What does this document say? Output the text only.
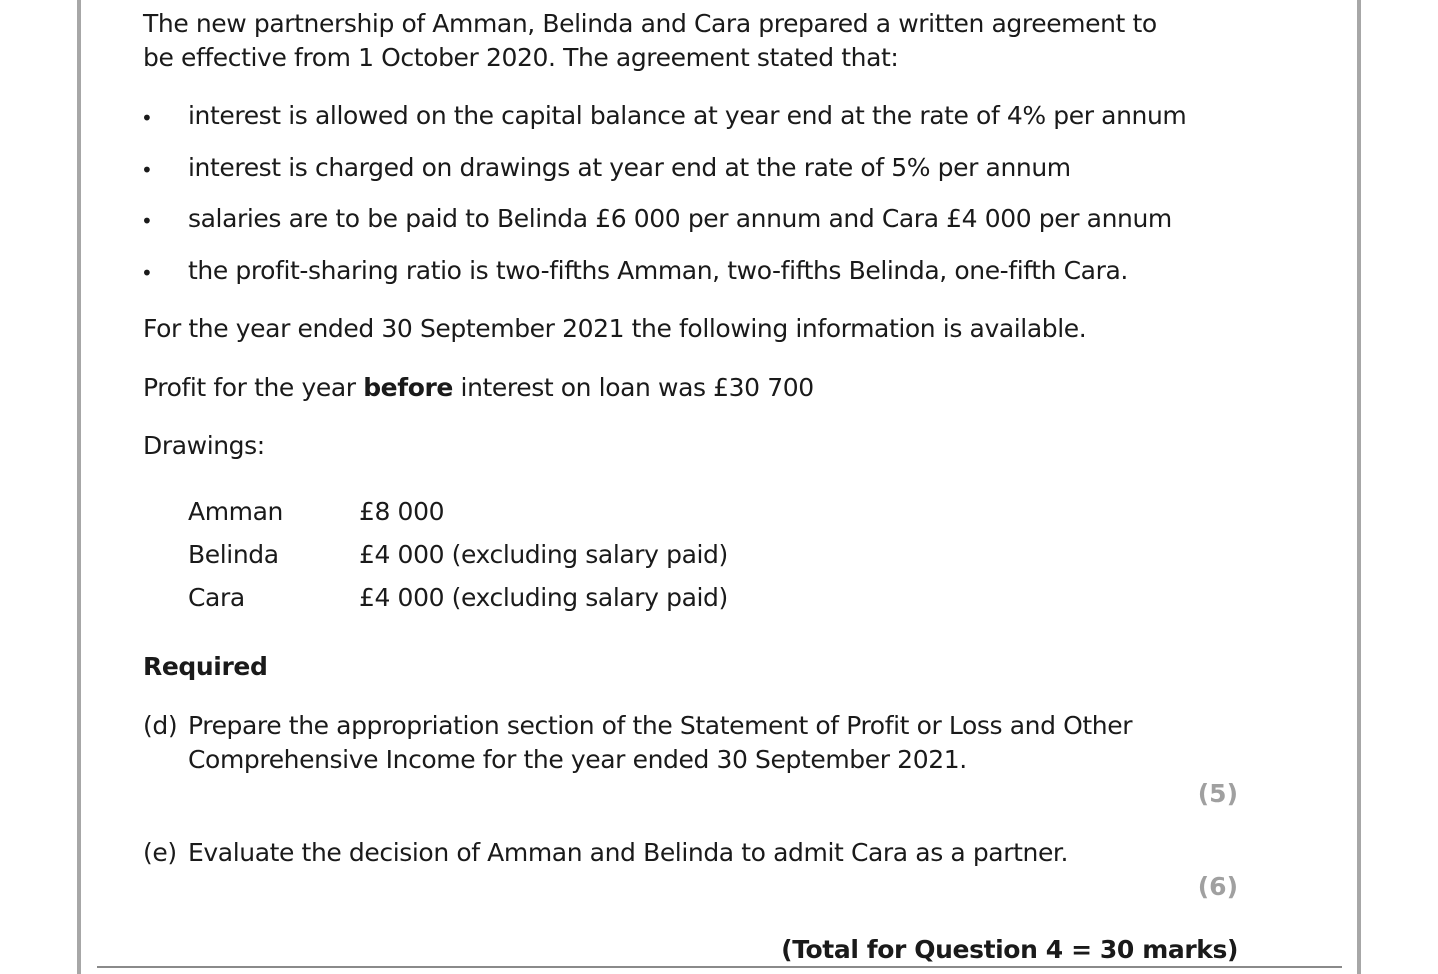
The new partnership of Amman, Belinda and Cara prepared a written agreement to
be effective from 1 October 2020. The agreement stated that:
• interest is allowed on the capital balance at year end at the rate of 4% per annum
• interest is charged on drawings at year end at the rate of 5% per annum
• salaries are to be paid to Belinda £6 000 per annum and Cara £4 000 per annum
• the profit-sharing ratio is two-fifths Amman, two-fifths Belinda, one-fifth Cara.
For the year ended 30 September 2021 the following information is available.
Profit for the year before interest on loan was £30 700
Drawings:
Amman	£8 000
Belinda	£4 000 (excluding salary paid)
Cara	£4 000 (excluding salary paid)
Required
(d) Prepare the appropriation section of the Statement of Profit or Loss and Other
Comprehensive Income for the year ended 30 September 2021.
(5)
(e) Evaluate the decision of Amman and Belinda to admit Cara as a partner.
(6)
(Total for Question 4 = 30 marks)
